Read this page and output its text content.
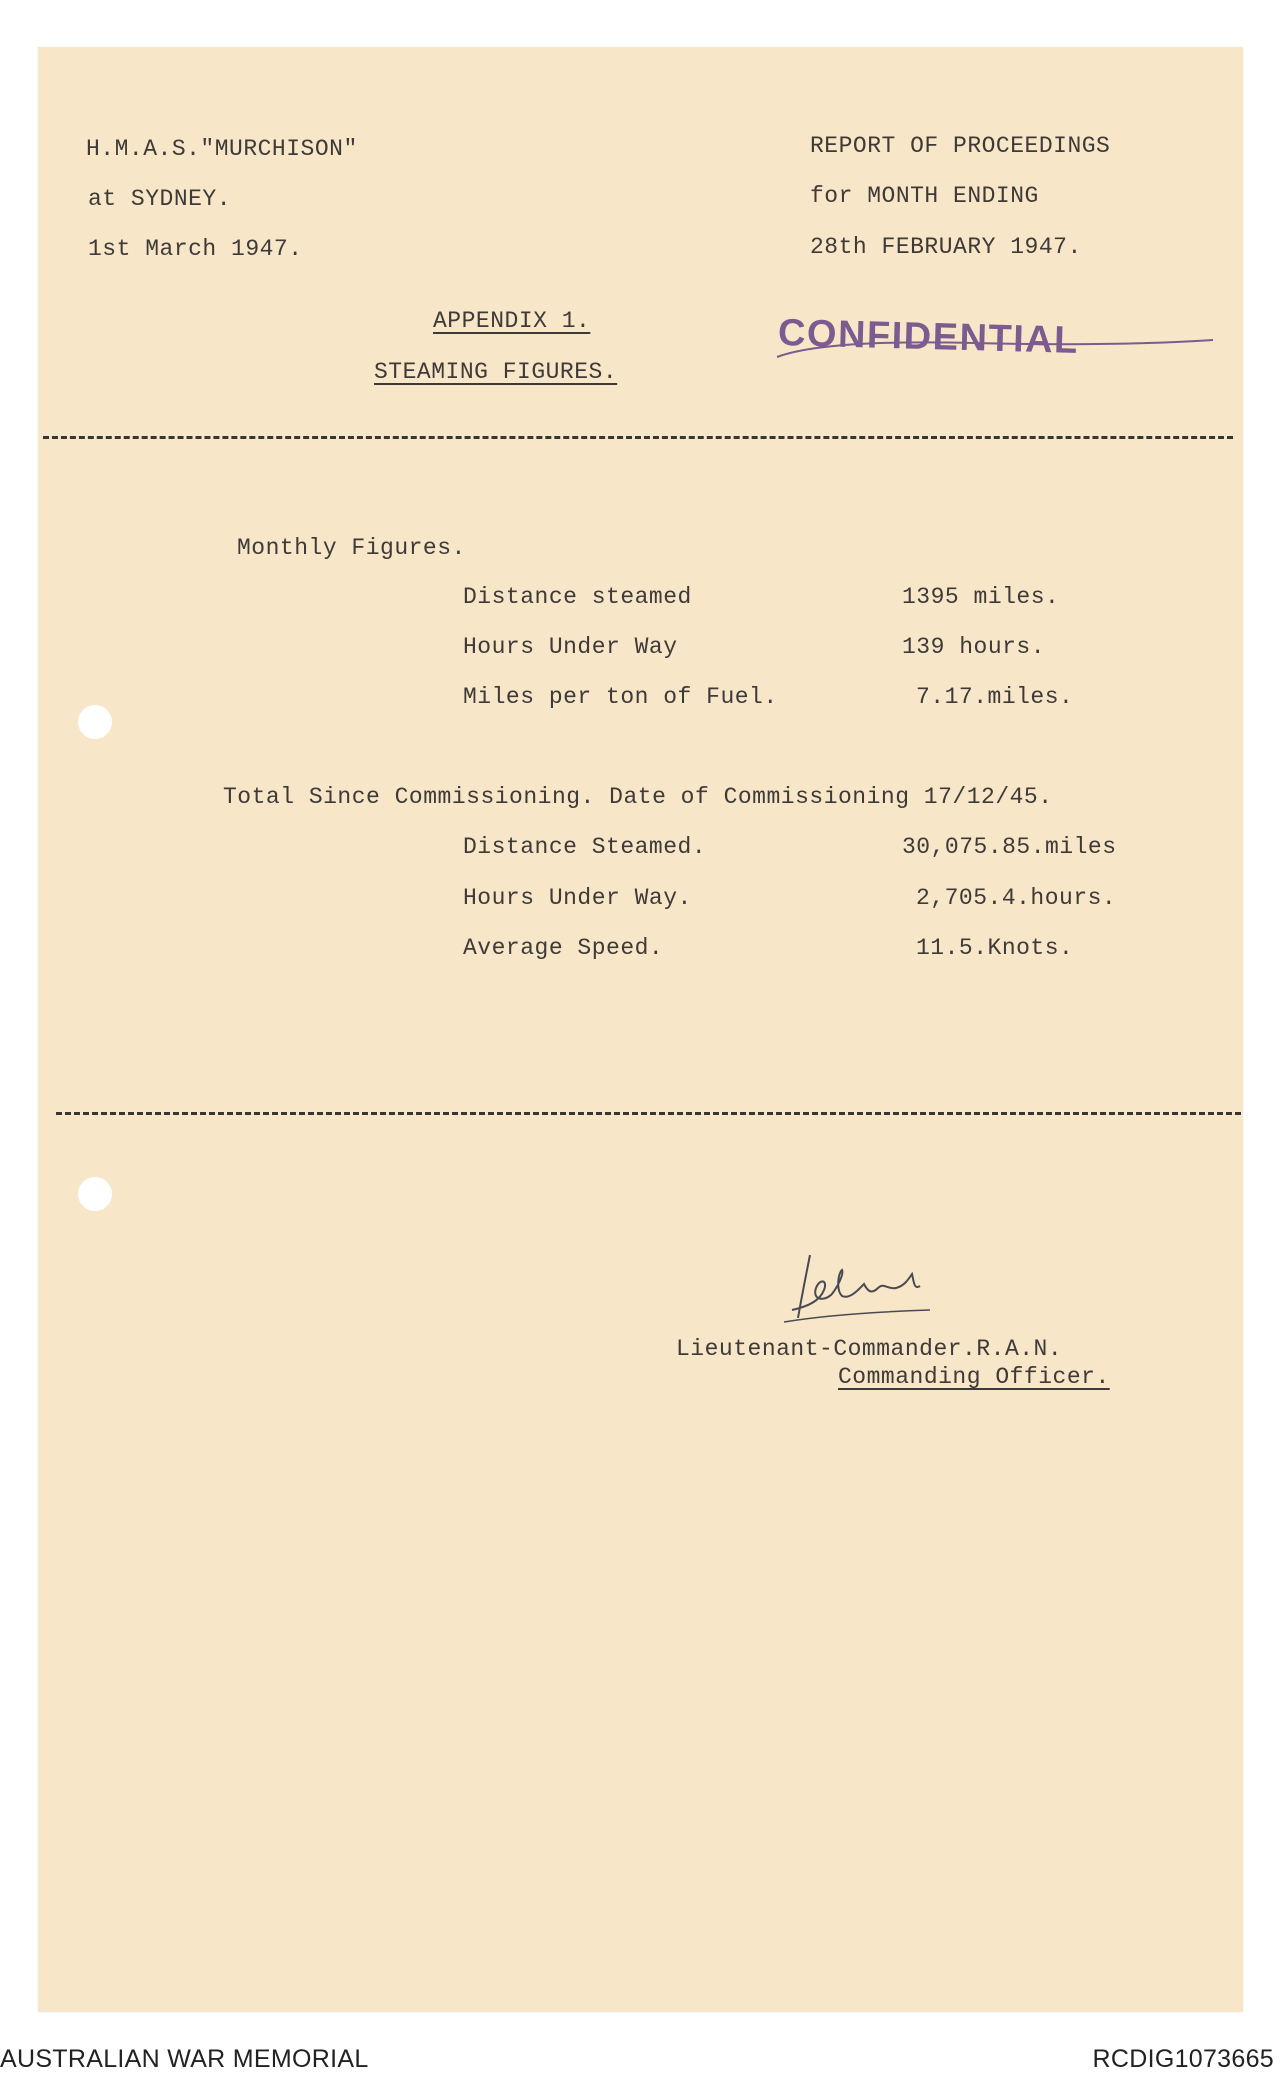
H.M.A.S."MURCHISON"
at SYDNEY.
1st March 1947.
REPORT OF PROCEEDINGS
for MONTH ENDING
28th FEBRUARY 1947.
APPENDIX 1.
STEAMING FIGURES.
CONFIDENTIAL
Monthly Figures.
Distance steamed	1395 miles.
Hours Under Way	139 hours.
Miles per ton of Fuel.	7.17.miles.
Total Since Commissioning. Date of Commissioning 17/12/45.
Distance Steamed.	30,075.85.miles
Hours Under Way.	2,705.4.hours.
Average Speed.	11.5.Knots.
Lieutenant-Commander.R.A.N.
Commanding Officer.
AUSTRALIAN WAR MEMORIAL	RCDIG1073665
